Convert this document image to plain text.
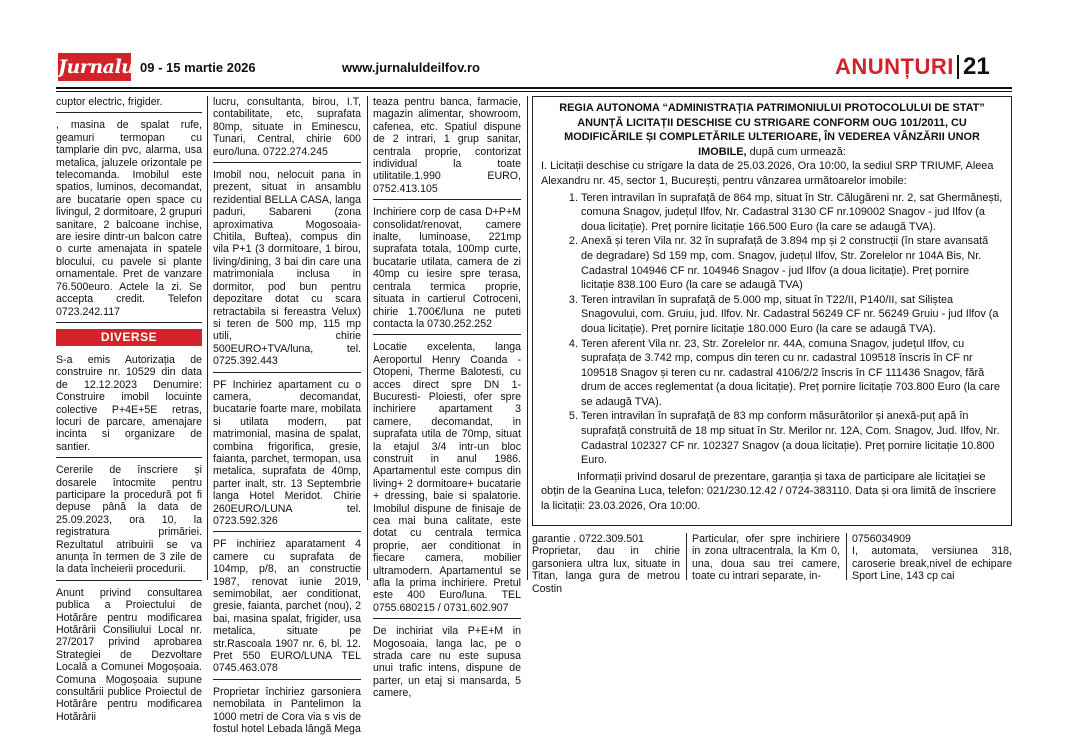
Jurnalul
09 - 15 martie 2026	www.jurnaluldeilfov.ro	ANUNȚURI 21

cuptor electric, frigider.

, masina de spalat rufe, geamuri termopan cu tamplarie din pvc, alarma, usa metalica, jaluzele orizontale pe telecomanda. Imobilul este spatios, luminos, decomandat, are bucatarie open space cu livingul, 2 dormitoare, 2 grupuri sanitare, 2 balcoane inchise, are iesire dintr-un balcon catre o curte amenajata in spatele blocului, cu pavele si plante ornamentale. Pret de vanzare 76.500euro. Actele la zi. Se accepta credit. Telefon 0723.242.117

DIVERSE

S-a emis Autorizația de construire nr. 10529 din data de 12.12.2023 Denumire: Construire imobil locuinte colective P+4E+5E retras, locuri de parcare, amenajare incinta si organizare de santier.

Cererile de înscriere și dosarele întocmite pentru participare la procedură pot fi depuse până la data de 25.09.2023, ora 10, la registratura primăriei. Rezultatul atribuirii se va anunța în termen de 3 zile de la data încheierii procedurii.

Anunt privind consultarea publica a Proiectului de Hotărâre pentru modificarea Hotărârii Consiliului Local nr. 27/2017 privind aprobarea Strategiei de Dezvoltare Locală a Comunei Mogoșoaia. Comuna Mogoșoaia supune consultării publice Proiectul de Hotărâre pentru modificarea Hotărârii

lucru, consultanta, birou, I.T, contabilitate, etc, suprafata 80mp, situate in Eminescu, Tunari, Central, chirie 600 euro/luna. 0722.274.245

Imobil nou, nelocuit pana in prezent, situat in ansamblu rezidential BELLA CASA, langa paduri, Sabareni (zona aproximativa Mogosoaia-Chitila, Buftea), compus din vila P+1 (3 dormitoare, 1 birou, living/dining, 3 bai din care una matrimoniala inclusa in dormitor, pod bun pentru depozitare dotat cu scara retractabila si fereastra Velux) si teren de 500 mp, 115 mp utili, chirie 500EURO+TVA/luna, tel. 0725.392.443

PF Inchiriez apartament cu o camera, decomandat, bucatarie foarte mare, mobilata si utilata modern, pat matrimonial, masina de spalat, combina frigorifica, gresie, faianta, parchet, termopan, usa metalica, suprafata de 40mp, parter inalt, str. 13 Septembrie langa Hotel Meridot. Chirie 260EURO/LUNA tel. 0723.592.326

PF inchiriez aparatament 4 camere cu suprafata de 104mp, p/8, an constructie 1987, renovat iunie 2019, semimobilat, aer conditionat, gresie, faianta, parchet (nou), 2 bai, masina spalat, frigider, usa metalica, situate pe str.Rascoala 1907 nr. 6, bl. 12. Pret 550 EURO/LUNA TEL 0745.463.078

Proprietar închiriez garsoniera nemobilata in Pantelimon la 1000 metri de Cora via s vis de fostul hotel Lebada lângă Mega

teaza pentru banca, farmacie, magazin alimentar, showroom, cafenea, etc. Spatiul dispune de 2 intrari, 1 grup sanitar, centrala proprie, contorizat individual la toate utilitatile.1.990 EURO, 0752.413.105

Inchiriere corp de casa D+P+M consolidat/renovat, camere inalte, luminoase, 221mp suprafata totala, 100mp curte, bucatarie utilata, camera de zi 40mp cu iesire spre terasa, centrala termica proprie, situata in cartierul Cotroceni, chirie 1.700€/luna ne puteti contacta la 0730.252.252

Locatie excelenta, langa Aeroportul Henry Coanda -Otopeni, Therme Balotesti, cu acces direct spre DN 1- Bucuresti- Ploiesti, ofer spre inchiriere apartament 3 camere, decomandat, in suprafata utila de 70mp, situat la etajul 3/4 intr-un bloc construit in anul 1986. Apartamentul este compus din living+ 2 dormitoare+ bucatarie + dressing, baie si spalatorie. Imobilul dispune de finisaje de cea mai buna calitate, este dotat cu centrala termica proprie, aer conditionat in fiecare camera, mobilier ultramodern. Apartamentul se afla la prima inchiriere. Pretul este 400 Euro/luna. TEL 0755.680215 / 0731.602.907

De inchiriat vila P+E+M in Mogosoaia, langa lac, pe o strada care nu este supusa unui trafic intens, dispune de parter, un etaj si mansarda, 5 camere,

REGIA AUTONOMA “ADMINISTRAȚIA PATRIMONIULUI PROTOCOLULUI DE STAT” ANUNȚĂ LICITAȚII DESCHISE CU STRIGARE CONFORM OUG 101/2011, CU MODIFICĂRILE ȘI COMPLETĂRILE ULTERIOARE, ÎN VEDEREA VÂNZĂRII UNOR IMOBILE, după cum urmează:
I. Licitații deschise cu strigare la data de 25.03.2026, Ora 10:00, la sediul SRP TRIUMF, Aleea Alexandru nr. 45, sector 1, București, pentru vânzarea următoarelor imobile:
1. Teren intravilan în suprafață de 864 mp, situat în Str. Călugăreni nr. 2, sat Ghermănești, comuna Snagov, județul Ilfov, Nr. Cadastral 3130 CF nr.109002 Snagov - jud Ilfov (a doua licitație). Preț pornire licitație 166.500 Euro (la care se adaugă TVA).
2. Anexă și teren Vila nr. 32 în suprafață de 3.894 mp și 2 construcții (în stare avansată de degradare) Sd 159 mp, com. Snagov, județul Ilfov, Str. Zorelelor nr 104A Bis, Nr. Cadastral 104946 CF nr. 104946 Snagov - jud Ilfov (a doua licitație). Preț pornire licitație 838.100 Euro (la care se adaugă TVA)
3. Teren intravilan în suprafață de 5.000 mp, situat în T22/II, P140/II, sat Siliștea Snagovului, com. Gruiu, jud. Ilfov. Nr. Cadastral 56249 CF nr. 56249 Gruiu - jud Ilfov (a doua licitație). Preț pornire licitație 180.000 Euro (la care se adaugă TVA).
4. Teren aferent Vila nr. 23, Str. Zorelelor nr. 44A, comuna Snagov, județul Ilfov, cu suprafața de 3.742 mp, compus din teren cu nr. cadastral 109518 înscris în CF nr 109518 Snagov și teren cu nr. cadastral 4106/2/2 înscris în CF 111436 Snagov, fără drum de acces reglementat (a doua licitație). Preț pornire licitație 703.800 Euro (la care se adaugă TVA).
5. Teren intravilan în suprafață de 83 mp conform măsurătorilor și anexă-puț apă în suprafață construită de 18 mp situat în Str. Merilor nr. 12A, Com. Snagov, Jud. Ilfov, Nr. Cadastral 102327 CF nr. 102327 Snagov (a doua licitație). Preț pornire licitație 10.800 Euro.
Informații privind dosarul de prezentare, garanția și taxa de participare ale licitației se obțin de la Geanina Luca, telefon: 021/230.12.42 / 0724-383110. Data și ora limită de înscriere la licitații: 23.03.2026, Ora 10:00.
garantie . 0722.309.501
Proprietar, dau in chirie garsoniera ultra lux, situate in Titan, langa gura de metrou Costin
Particular, ofer spre inchiriere in zona ultracentrala, la Km 0, una, doua sau trei camere, toate cu intrari separate, in-
0756034909
I, automata, versiunea 318, caroserie break,nivel de echipare Sport Line, 143 cp cai
